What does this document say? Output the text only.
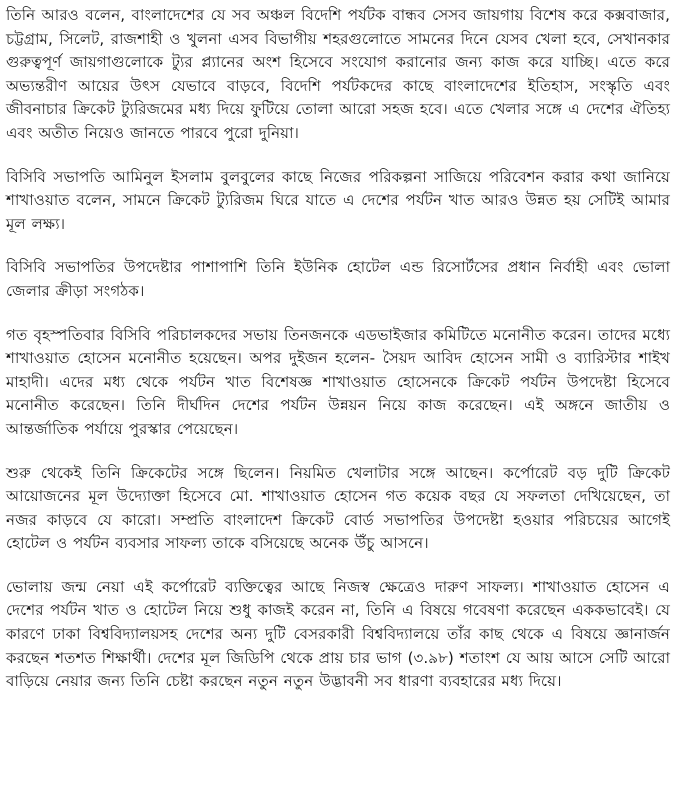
তিনি আরও বলেন, বাংলাদেশের যে সব অঞ্চল বিদেশি পর্যটক বান্ধব সেসব জায়গায় বিশেষ করে কক্সবাজার, চট্টগ্রাম, সিলেট, রাজশাহী ও খুলনা এসব বিভাগীয় শহরগুলোতে সামনের দিনে যেসব খেলা হবে, সেখানকার গুরুত্বপূর্ণ জায়গাগুলোকে ট্যুর প্ল্যানের অংশ হিসেবে সংযোগ করানোর জন্য কাজ করে যাচ্ছি। এতে করে অভ্যন্তরীণ আয়ের উৎস যেভাবে বাড়বে, বিদেশি পর্যটকদের কাছে বাংলাদেশের ইতিহাস, সংস্কৃতি এবং জীবনাচার ক্রিকেট ট্যুরিজমের মধ্য দিয়ে ফুটিয়ে তোলা আরো সহজ হবে। এতে খেলার সঙ্গে এ দেশের ঐতিহ্য এবং অতীত নিয়েও জানতে পারবে পুরো দুনিয়া।

বিসিবি সভাপতি আমিনুল ইসলাম বুলবুলের কাছে নিজের পরিকল্পনা সাজিয়ে পরিবেশন করার কথা জানিয়ে শাখাওয়াত বলেন, সামনে ক্রিকেট ট্যুরিজম ঘিরে যাতে এ দেশের পর্যটন খাত আরও উন্নত হয় সেটিই আমার মূল লক্ষ্য।

বিসিবি সভাপতির উপদেষ্টার পাশাপাশি তিনি ইউনিক হোটেল এন্ড রিসোর্টসের প্রধান নির্বাহী এবং ভোলা জেলার ক্রীড়া সংগঠক।

গত বৃহস্পতিবার বিসিবি পরিচালকদের সভায় তিনজনকে এডভাইজার কমিটিতে মনোনীত করেন। তাদের মধ্যে শাখাওয়াত হোসেন মনোনীত হয়েছেন। অপর দুইজন হলেন- সৈয়দ আবিদ হোসেন সামী ও ব্যারিস্টার শাইখ মাহাদী। এদের মধ্য থেকে পর্যটন খাত বিশেষজ্ঞ শাখাওয়াত হোসেনকে ক্রিকেট পর্যটন উপদেষ্টা হিসেবে মনোনীত করেছেন। তিনি দীর্ঘদিন দেশের পর্যটন উন্নয়ন নিয়ে কাজ করেছেন। এই অঙ্গনে জাতীয় ও আন্তর্জাতিক পর্যায়ে পুরস্কার পেয়েছেন।

শুরু থেকেই তিনি ক্রিকেটের সঙ্গে ছিলেন। নিয়মিত খেলাটার সঙ্গে আছেন। কর্পোরেট বড় দুটি ক্রিকেট আয়োজনের মূল উদ্যোক্তা হিসেবে মো. শাখাওয়াত হোসেন গত কয়েক বছর যে সফলতা দেখিয়েছেন, তা নজর কাড়বে যে কারো। সম্প্রতি বাংলাদেশ ক্রিকেট বোর্ড সভাপতির উপদেষ্টা হওয়ার পরিচয়ের আগেই হোটেল ও পর্যটন ব্যবসার সাফল্য তাকে বসিয়েছে অনেক উঁচু আসনে।

ভোলায় জন্ম নেয়া এই কর্পোরেট ব্যক্তিত্বের আছে নিজস্ব ক্ষেত্রেও দারুণ সাফল্য। শাখাওয়াত হোসেন এ দেশের পর্যটন খাত ও হোটেল নিয়ে শুধু কাজই করেন না, তিনি এ বিষয়ে গবেষণা করেছেন এককভাবেই। যে কারণে ঢাকা বিশ্ববিদ্যালয়সহ দেশের অন্য দুটি বেসরকারী বিশ্ববিদ্যালয়ে তাঁর কাছ থেকে এ বিষয়ে জ্ঞানার্জন করছেন শতশত শিক্ষার্থী। দেশের মূল জিডিপি থেকে প্রায় চার ভাগ (৩.৯৮) শতাংশ যে আয় আসে সেটি আরো বাড়িয়ে নেয়ার জন্য তিনি চেষ্টা করছেন নতুন নতুন উদ্ভাবনী সব ধারণা ব্যবহারের মধ্য দিয়ে।
